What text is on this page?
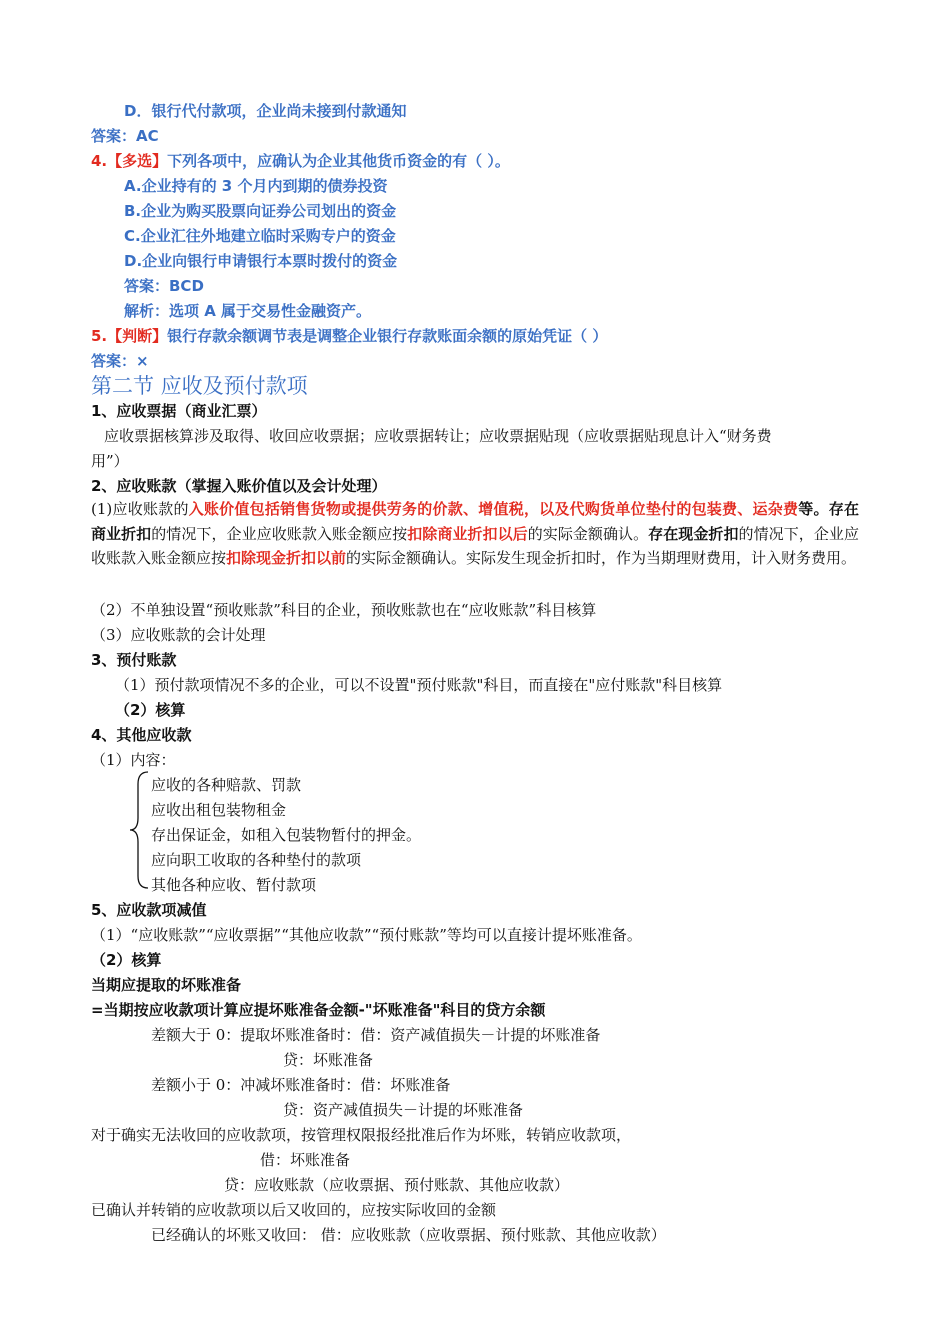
D．银行代付款项，企业尚未接到付款通知
答案：AC
4.【多选】下列各项中，应确认为企业其他货币资金的有（ ）。
A.企业持有的 3 个月内到期的债券投资
B.企业为购买股票向证券公司划出的资金
C.企业汇往外地建立临时采购专户的资金
D.企业向银行申请银行本票时拨付的资金
答案：BCD
解析：选项 A 属于交易性金融资产。
5.【判断】银行存款余额调节表是调整企业银行存款账面余额的原始凭证（ ）
答案：×
第二节 应收及预付款项
1、应收票据（商业汇票）
应收票据核算涉及取得、收回应收票据；应收票据转让；应收票据贴现（应收票据贴现息计入“财务费
用”）
2、应收账款（掌握入账价值以及会计处理）
(1)应收账款的入账价值包括销售货物或提供劳务的价款、增值税，以及代购货单位垫付的包装费、运杂费等。存在商业折扣的情况下，企业应收账款入账金额应按扣除商业折扣以后的实际金额确认。存在现金折扣的情况下，企业应收账款入账金额应按扣除现金折扣以前的实际金额确认。实际发生现金折扣时，作为当期理财费用，计入财务费用。
（2）不单独设置“预收账款”科目的企业，预收账款也在“应收账款”科目核算
（3）应收账款的会计处理
3、预付账款
（1）预付款项情况不多的企业，可以不设置"预付账款"科目，而直接在"应付账款"科目核算
（2）核算
4、其他应收款
（1）内容：
应收的各种赔款、罚款
应收出租包装物租金
存出保证金，如租入包装物暂付的押金。
应向职工收取的各种垫付的款项
其他各种应收、暂付款项
5、应收款项减值
（1）“应收账款”“应收票据”“其他应收款”“预付账款”等均可以直接计提坏账准备。
（2）核算
当期应提取的坏账准备
=当期按应收款项计算应提坏账准备金额-"坏账准备"科目的贷方余额
差额大于 0：提取坏账准备时：借：资产减值损失－计提的坏账准备
贷：坏账准备
差额小于 0：冲减坏账准备时：借：坏账准备
贷：资产减值损失－计提的坏账准备
对于确实无法收回的应收款项，按管理权限报经批准后作为坏账，转销应收款项，
借：坏账准备
贷：应收账款（应收票据、预付账款、其他应收款）
已确认并转销的应收款项以后又收回的，应按实际收回的金额
已经确认的坏账又收回： 借：应收账款（应收票据、预付账款、其他应收款）
